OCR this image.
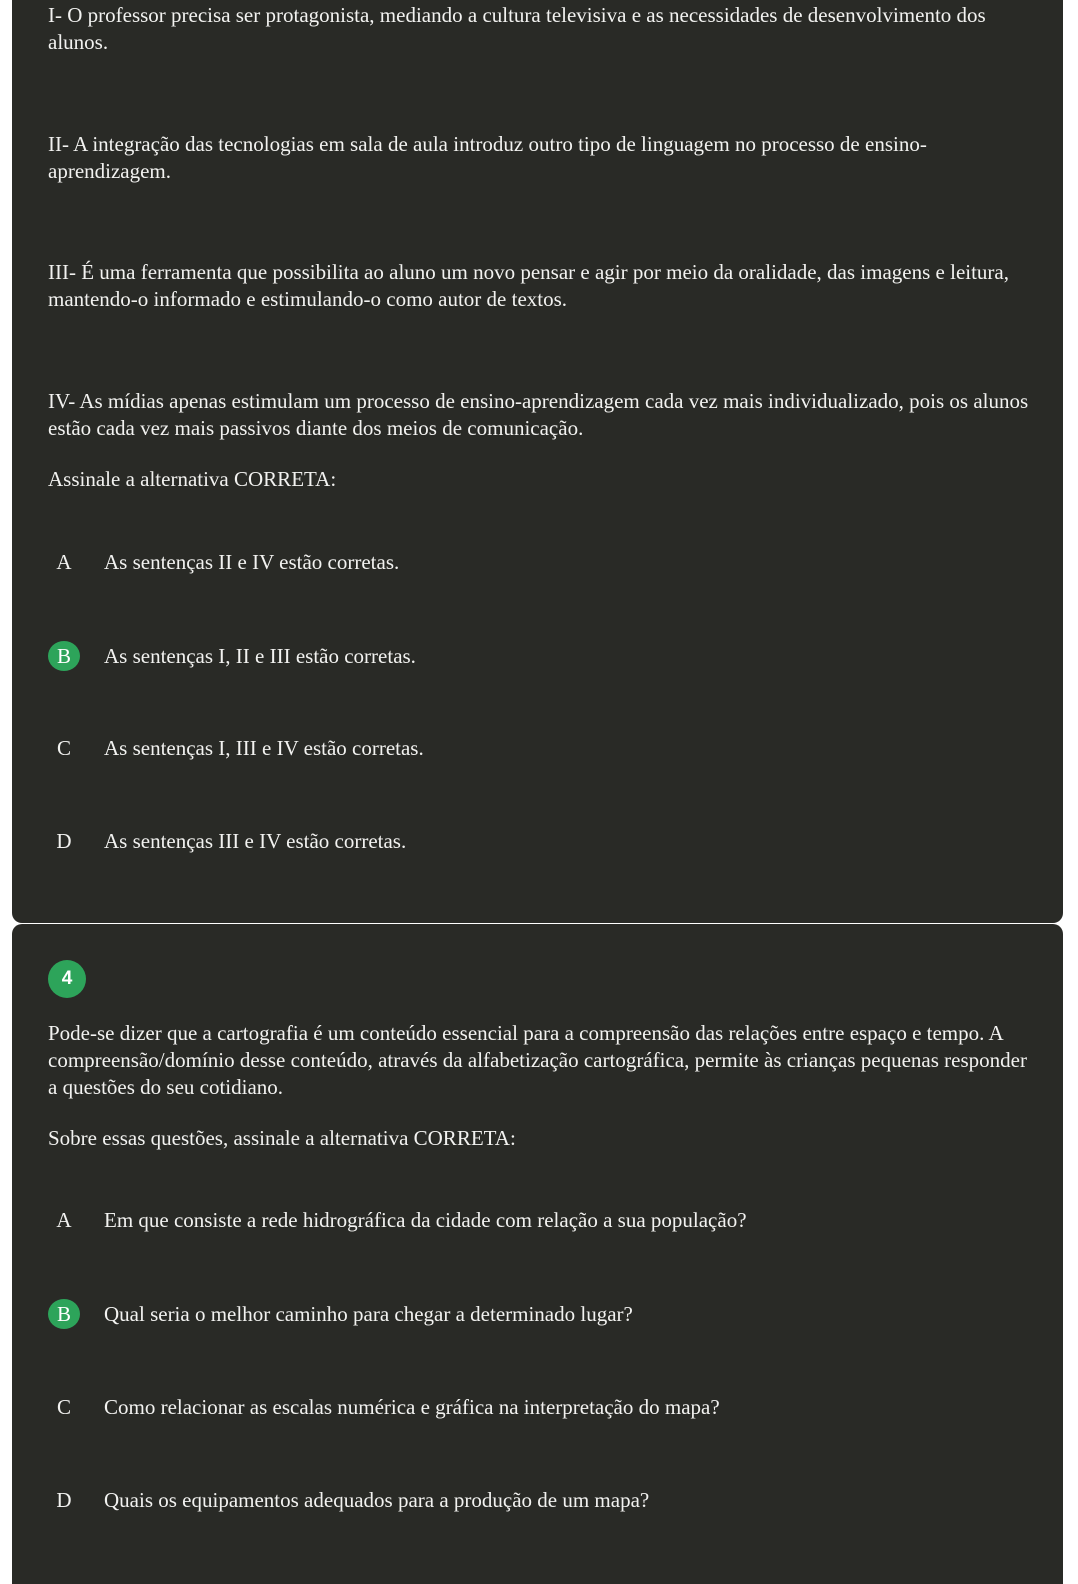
I- O professor precisa ser protagonista, mediando a cultura televisiva e as necessidades de desenvolvimento dos alunos.

II- A integração das tecnologias em sala de aula introduz outro tipo de linguagem no processo de ensino-aprendizagem.

III- É uma ferramenta que possibilita ao aluno um novo pensar e agir por meio da oralidade, das imagens e leitura, mantendo-o informado e estimulando-o como autor de textos.

IV- As mídias apenas estimulam um processo de ensino-aprendizagem cada vez mais individualizado, pois os alunos estão cada vez mais passivos diante dos meios de comunicação.

Assinale a alternativa CORRETA:

A	As sentenças II e IV estão corretas.
B	As sentenças I, II e III estão corretas.
C	As sentenças I, III e IV estão corretas.
D	As sentenças III e IV estão corretas.
4

Pode-se dizer que a cartografia é um conteúdo essencial para a compreensão das relações entre espaço e tempo. A compreensão/domínio desse conteúdo, através da alfabetização cartográfica, permite às crianças pequenas responder a questões do seu cotidiano.

Sobre essas questões, assinale a alternativa CORRETA:

A	Em que consiste a rede hidrográfica da cidade com relação a sua população?
B	Qual seria o melhor caminho para chegar a determinado lugar?
C	Como relacionar as escalas numérica e gráfica na interpretação do mapa?
D	Quais os equipamentos adequados para a produção de um mapa?
